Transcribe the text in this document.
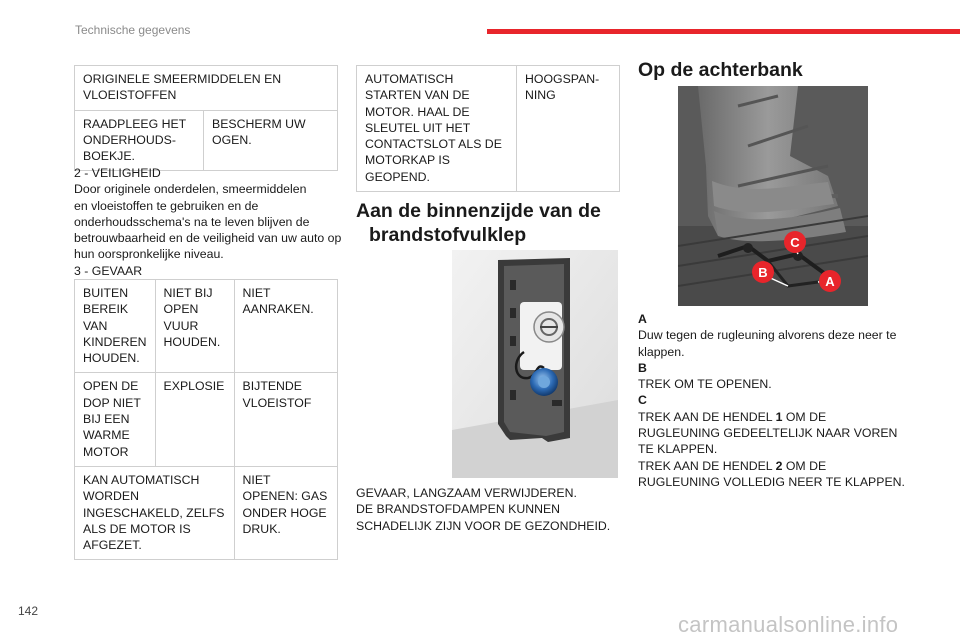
Technische gegevens
ORIGINELE SMEERMIDDELEN EN VLOEISTOFFEN
RAADPLEEG HET ONDERHOUDS-BOEKJE.	BESCHERM UW OGEN.
2 - VEILIGHEID
Door originele onderdelen, smeermiddelen
en vloeistoffen te gebruiken en de
onderhoudsschema's na te leven blijven de
betrouwbaarheid en de veiligheid van uw auto op
hun oorspronkelijke niveau.
3 - GEVAAR
BUITEN BEREIK VAN KINDEREN HOUDEN.	NIET BIJ OPEN VUUR HOUDEN.	NIET AANRAKEN.
OPEN DE DOP NIET BIJ EEN WARME MOTOR	EXPLOSIE	BIJTENDE VLOEISTOF
KAN AUTOMATISCH WORDEN INGESCHAKELD, ZELFS ALS DE MOTOR IS AFGEZET.		NIET OPENEN: GAS ONDER HOGE DRUK.
AUTOMATISCH STARTEN VAN DE MOTOR. HAAL DE SLEUTEL UIT HET CONTACTSLOT ALS DE MOTORKAP IS GEOPEND.	HOOGSPAN-NING
Aan de binnenzijde van de
brandstofvulklep
GEVAAR, LANGZAAM VERWIJDEREN.
DE BRANDSTOFDAMPEN KUNNEN
SCHADELIJK ZIJN VOOR DE GEZONDHEID.
Op de achterbank
C
B
A
A
Duw tegen de rugleuning alvorens deze neer te
klappen.
B
TREK OM TE OPENEN.
C
TREK AAN DE HENDEL 1 OM DE
RUGLEUNING GEDEELTELIJK NAAR VOREN
TE KLAPPEN.
TREK AAN DE HENDEL 2 OM DE
RUGLEUNING VOLLEDIG NEER TE KLAPPEN.
142
carmanualsonline.info
